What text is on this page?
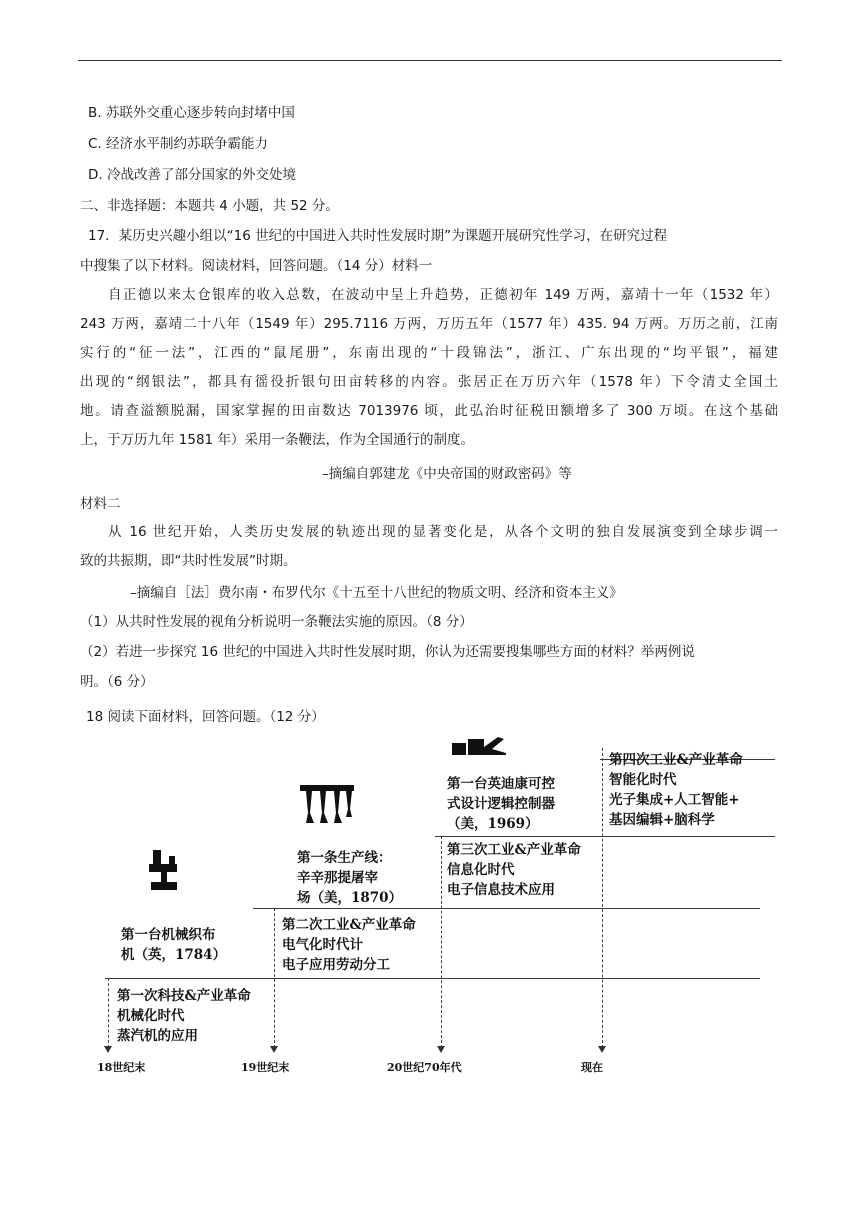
B. 苏联外交重心逐步转向封堵中国
C. 经济水平制约苏联争霸能力
D. 冷战改善了部分国家的外交处境
二、非选择题：本题共 4 小题，共 52 分。
17．某历史兴趣小组以“16 世纪的中国进入共时性发展时期”为课题开展研究性学习，在研究过程
中搜集了以下材料。阅读材料，回答问题。（14 分）材料一
自正德以来太仓银库的收入总数，在波动中呈上升趋势，正德初年 149 万两，嘉靖十一年（1532 年）
243 万两，嘉靖二十八年（1549 年）295.7116 万两，万历五年（1577 年）435. 94 万两。万历之前，江南
实行的“征一法”，江西的“鼠尾册”，东南出现的“十段锦法”，浙江、广东出现的“均平银”，福建
出现的“纲银法”，都具有徭役折银句田亩转移的内容。张居正在万历六年（1578 年）下令清丈全国土
地。请查溢额脱漏，国家掌握的田亩数达 7013976 顷，此弘治时征税田额增多了 300 万顷。在这个基础
上，于万历九年 1581 年）采用一条鞭法，作为全国通行的制度。
–摘编自郭建龙《中央帝国的财政密码》等
材料二
从 16 世纪开始，人类历史发展的轨迹出现的显著变化是，从各个文明的独自发展演变到全球步调一
致的共振期，即“共时性发展”时期。
–摘编自［法］费尔南・布罗代尔《十五至十八世纪的物质文明、经济和资本主义》
（1）从共时性发展的视角分析说明一条鞭法实施的原因。（8 分）
（2）若进一步探究 16 世纪的中国进入共时性发展时期，你认为还需要搜集哪些方面的材料？举两例说
明。（6 分）
18 阅读下面材料，回答问题。（12 分）
第一台机械织布
机（英，1784）
第一次科技&产业革命
机械化时代
蒸汽机的应用
第一条生产线：
辛辛那提屠宰
场（美，1870）
第二次工业&产业革命
电气化时代计
电子应用劳动分工
第一台英迪康可控
式设计逻辑控制器
（美，1969）
第三次工业&产业革命
信息化时代
电子信息技术应用
第四次工业&产业革命
智能化时代
光子集成+人工智能+
基因编辑+脑科学
18世纪末	19世纪末	20世纪70年代	现在
